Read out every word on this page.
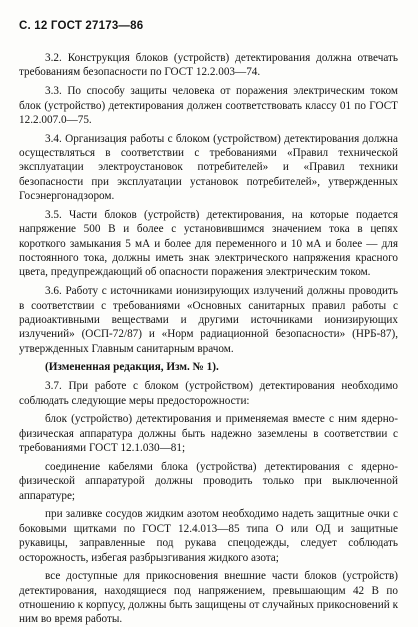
С. 12 ГОСТ 27173—86

3.2. Конструкция блоков (устройств) детектирования должна отвечать требованиям безопасности по ГОСТ 12.2.003—74.

3.3. По способу защиты человека от поражения электрическим током блок (устройство) детектирования должен соответствовать классу 01 по ГОСТ 12.2.007.0—75.

3.4. Организация работы с блоком (устройством) детектирования должна осуществляться в соответствии с требованиями «Правил технической эксплуатации электроустановок потребителей» и «Правил техники безопасности при эксплуатации установок потребителей», утвержденных Госэнергонадзором.

3.5. Части блоков (устройств) детектирования, на которые подается напряжение 500 В и более с установившимся значением тока в цепях короткого замыкания 5 мА и более для переменного и 10 мА и более — для постоянного тока, должны иметь знак электрического напряжения красного цвета, предупреждающий об опасности поражения электрическим током.

3.6. Работу с источниками ионизирующих излучений должны проводить в соответствии с требованиями «Основных санитарных правил работы с радиоактивными веществами и другими источниками ионизирующих излучений» (ОСП-72/87) и «Норм радиационной безопасности» (НРБ-87), утвержденных Главным санитарным врачом.

(Измененная редакция, Изм. № 1).

3.7. При работе с блоком (устройством) детектирования необходимо соблюдать следующие меры предосторожности:

блок (устройство) детектирования и применяемая вместе с ним ядерно-физическая аппаратура должны быть надежно заземлены в соответствии с требованиями ГОСТ 12.1.030—81;

соединение кабелями блока (устройства) детектирования с ядерно-физической аппаратурой должны проводить только при выключенной аппаратуре;

при заливке сосудов жидким азотом необходимо надеть защитные очки с боковыми щитками по ГОСТ 12.4.013—85 типа О или ОД и защитные рукавицы, заправленные под рукава спецодежды, следует соблюдать осторожность, избегая разбрызгивания жидкого азота;

все доступные для прикосновения внешние части блоков (устройств) детектирования, находящиеся под напряжением, превышающим 42 В по отношению к корпусу, должны быть защищены от случайных прикосновений к ним во время работы.
